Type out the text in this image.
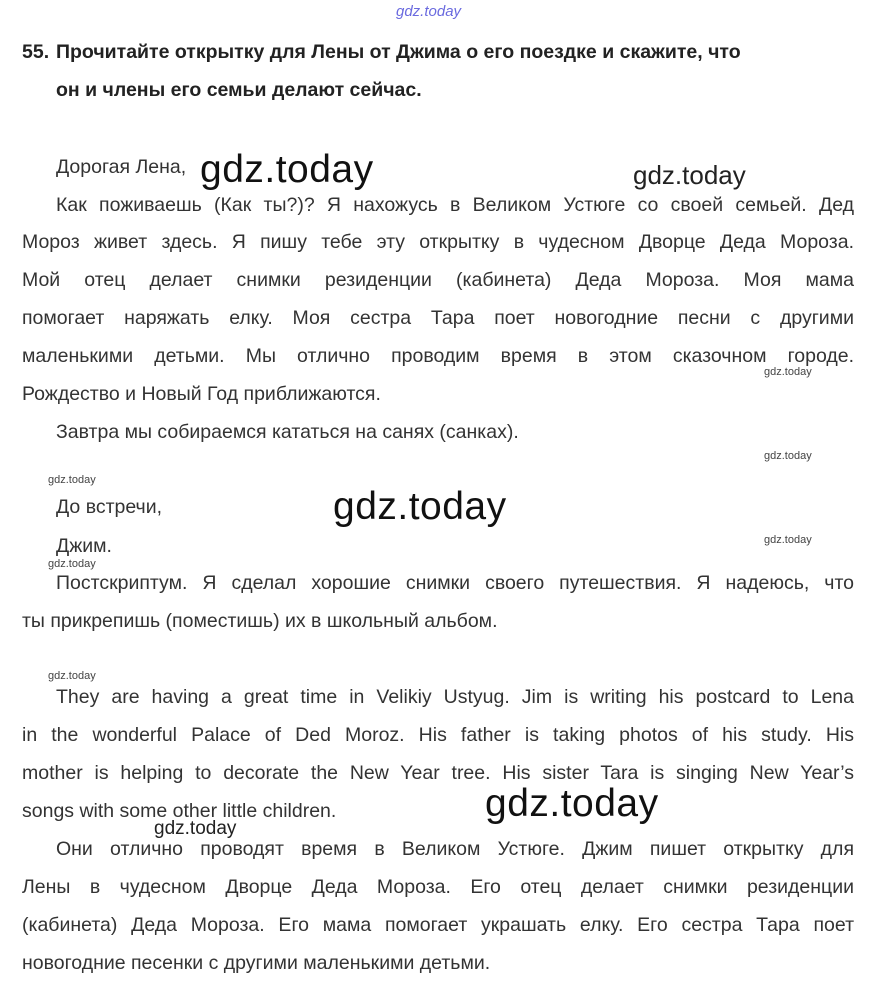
gdz.today
55. Прочитайте открытку для Лены от Джима о его поездке и скажите, что
он и члены его семьи делают сейчас.
Дорогая Лена, gdz.today	gdz.today
Как поживаешь (Как ты?)? Я нахожусь в Великом Устюге со своей семьей. Дед
Мороз живет здесь. Я пишу тебе эту открытку в чудесном Дворце Деда Мороза.
Мой отец делает снимки резиденции (кабинета) Деда Мороза. Моя мама
помогает наряжать елку. Моя сестра Тара поет новогодние песни с другими
маленькими детьми. Мы отлично проводим время в этом сказочном городе.
gdz.today
Рождество и Новый Год приближаются.
Завтра мы собираемся кататься на санях (санках).
gdz.today
gdz.today
До встречи,	gdz.today
Джим.	gdz.today
gdz.today
Постскриптум. Я сделал хорошие снимки своего путешествия. Я надеюсь, что
ты прикрепишь (поместишь) их в школьный альбом.
gdz.today
They are having a great time in Velikiy Ustyug. Jim is writing his postcard to Lena
in the wonderful Palace of Ded Moroz. His father is taking photos of his study. His
mother is helping to decorate the New Year tree. His sister Tara is singing New Year’s
songs with some other little children.	gdz.today
gdz.today
Они отлично проводят время в Великом Устюге. Джим пишет открытку для
Лены в чудесном Дворце Деда Мороза. Его отец делает снимки резиденции
(кабинета) Деда Мороза. Его мама помогает украшать елку. Его сестра Тара поет
новогодние песенки с другими маленькими детьми.
